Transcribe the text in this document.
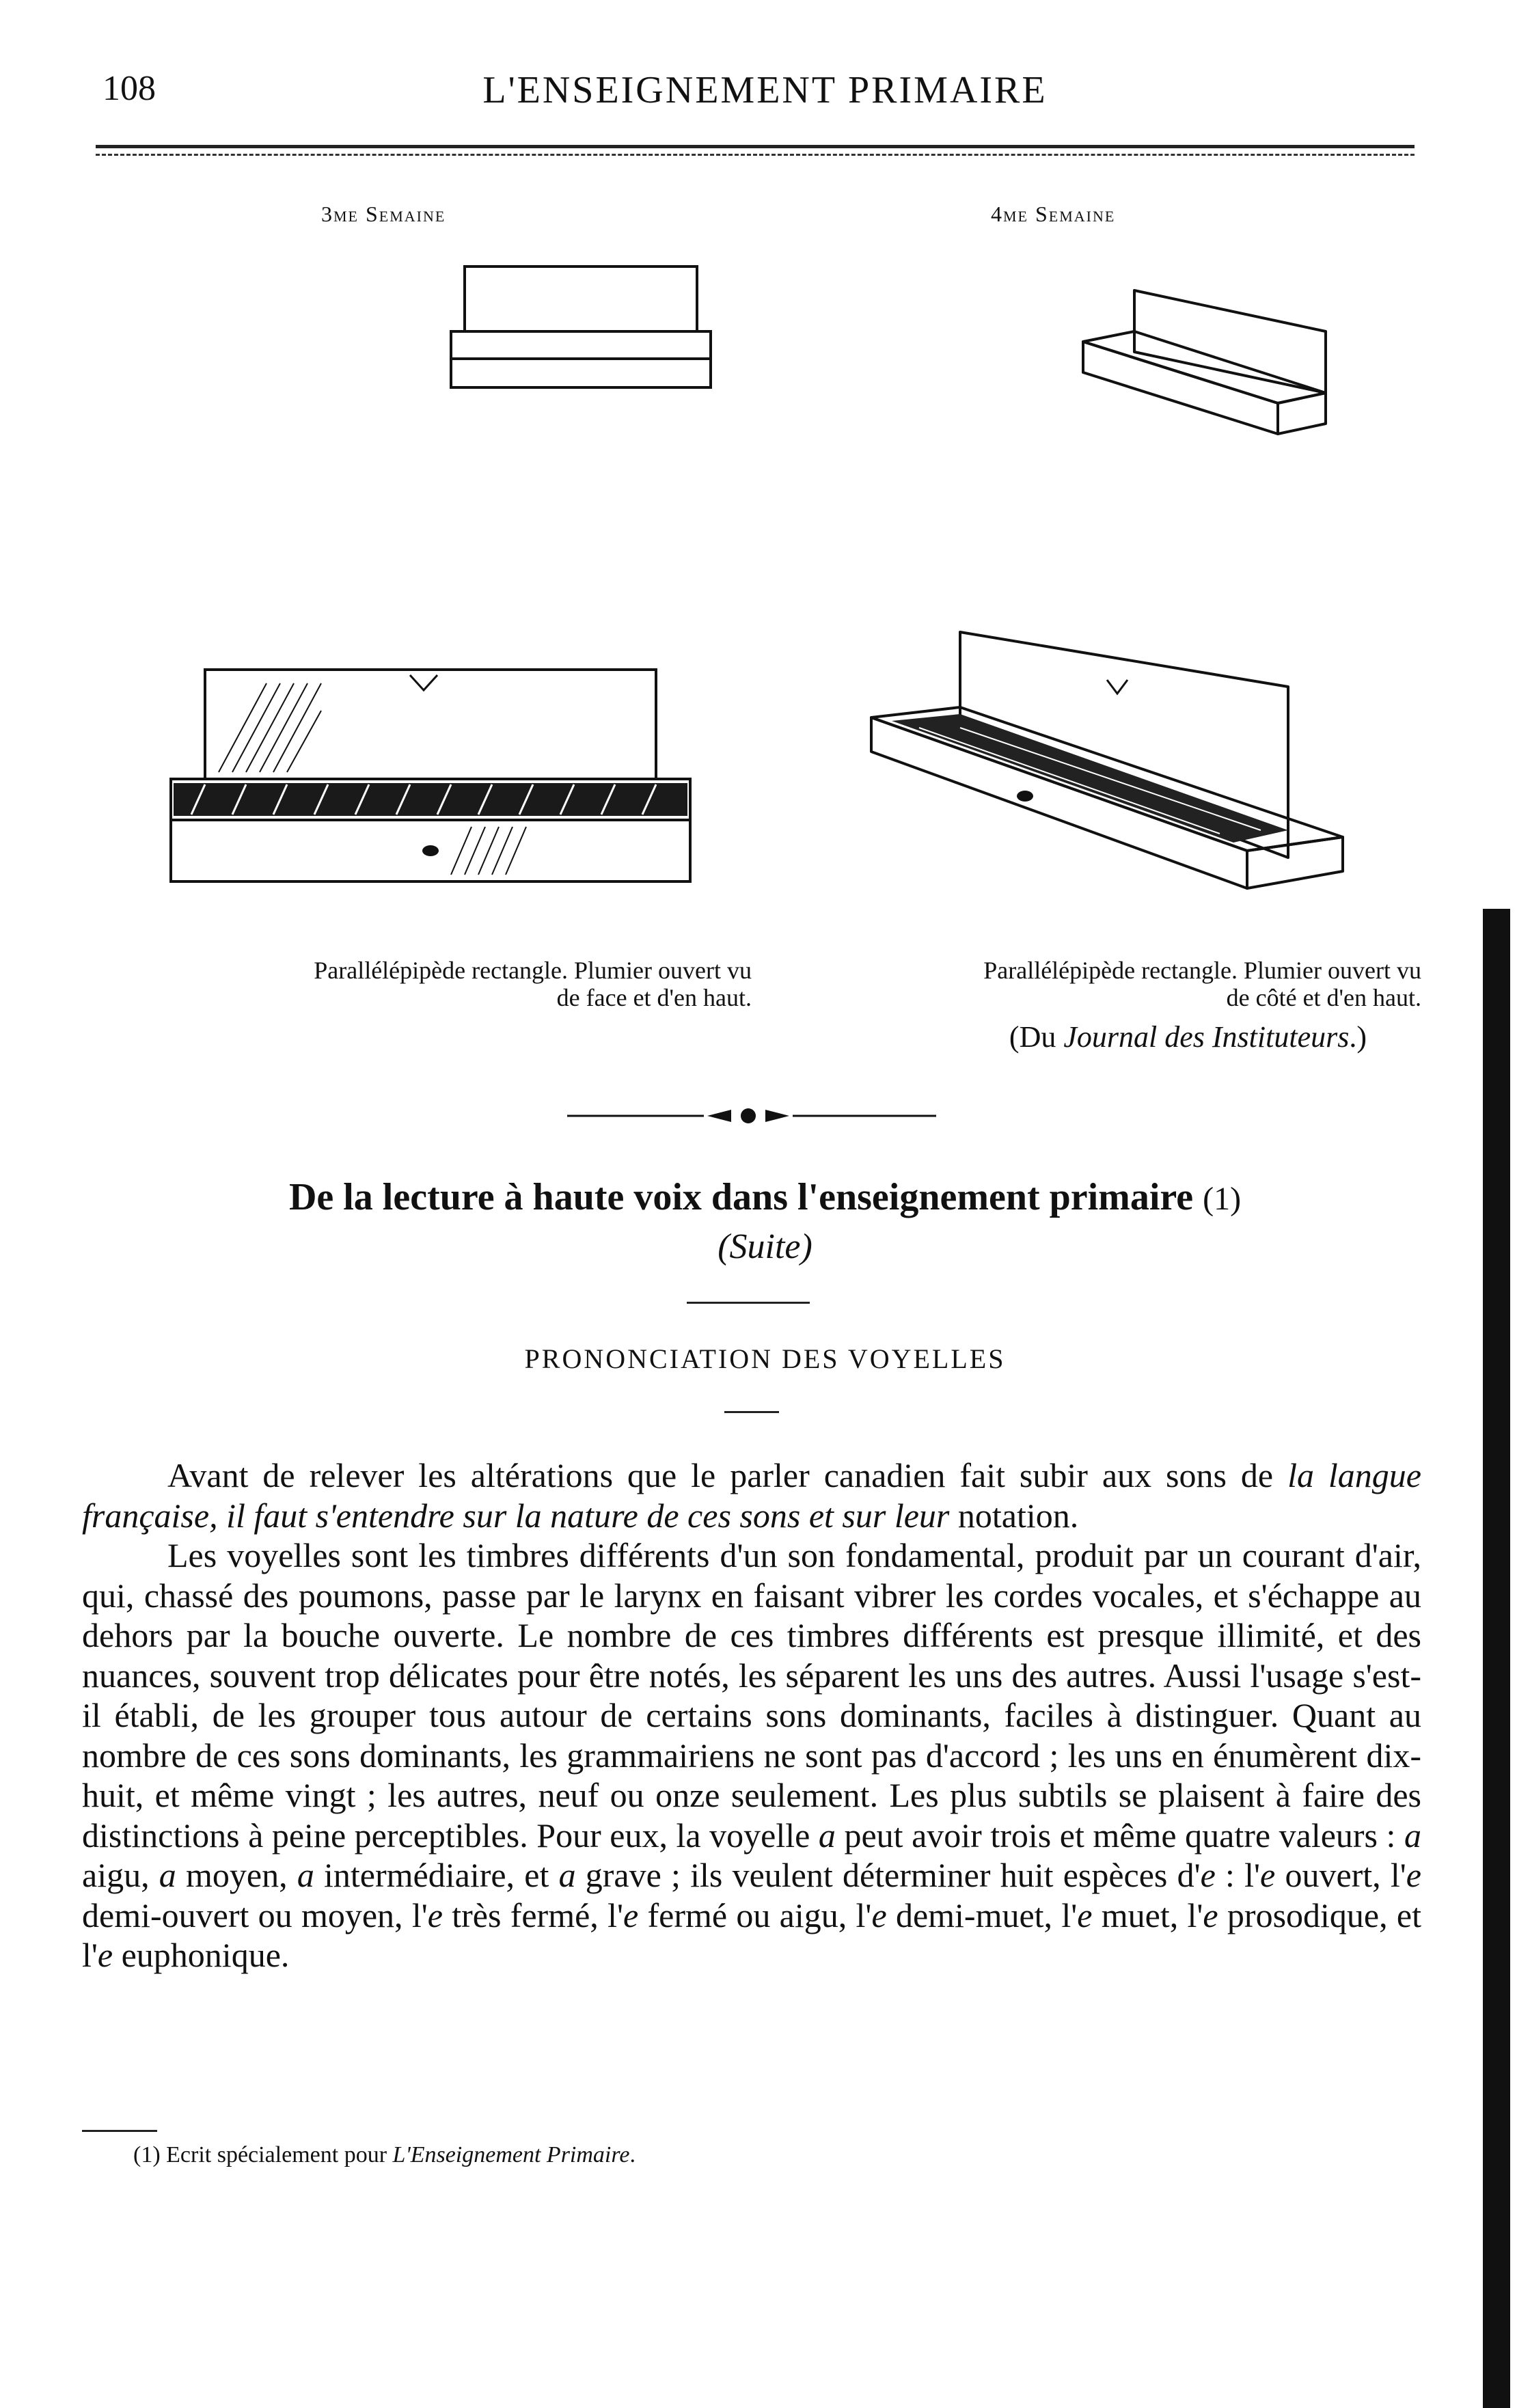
108	L'ENSEIGNEMENT PRIMAIRE
3me Semaine	4me Semaine
Parallélépipède rectangle. Plumier ouvert vu
de face et d'en haut.
Parallélépipède rectangle. Plumier ouvert vu
de côté et d'en haut.
(Du Journal des Instituteurs.)
De la lecture à haute voix dans l'enseignement primaire (1)
(Suite)
PRONONCIATION DES VOYELLES

Avant de relever les altérations que le parler canadien fait subir aux sons de la langue française, il faut s'entendre sur la nature de ces sons et sur leur notation.

Les voyelles sont les timbres différents d'un son fondamental, produit par un courant d'air, qui, chassé des poumons, passe par le larynx en faisant vibrer les cordes vocales, et s'échappe au dehors par la bouche ouverte. Le nombre de ces timbres différents est presque illimité, et des nuances, souvent trop délicates pour être notés, les séparent les uns des autres. Aussi l'usage s'est-il établi, de les grouper tous autour de certains sons dominants, faciles à distinguer. Quant au nombre de ces sons dominants, les grammairiens ne sont pas d'accord ; les uns en énumèrent dix-huit, et même vingt ; les autres, neuf ou onze seulement. Les plus subtils se plaisent à faire des distinctions à peine perceptibles. Pour eux, la voyelle a peut avoir trois et même quatre valeurs : a aigu, a moyen, a intermédiaire, et a grave ; ils veulent déterminer huit espèces d'e : l'e ouvert, l'e demi-ouvert ou moyen, l'e très fermé, l'e fermé ou aigu, l'e demi-muet, l'e muet, l'e prosodique, et l'e euphonique.

(1) Ecrit spécialement pour L'Enseignement Primaire.
